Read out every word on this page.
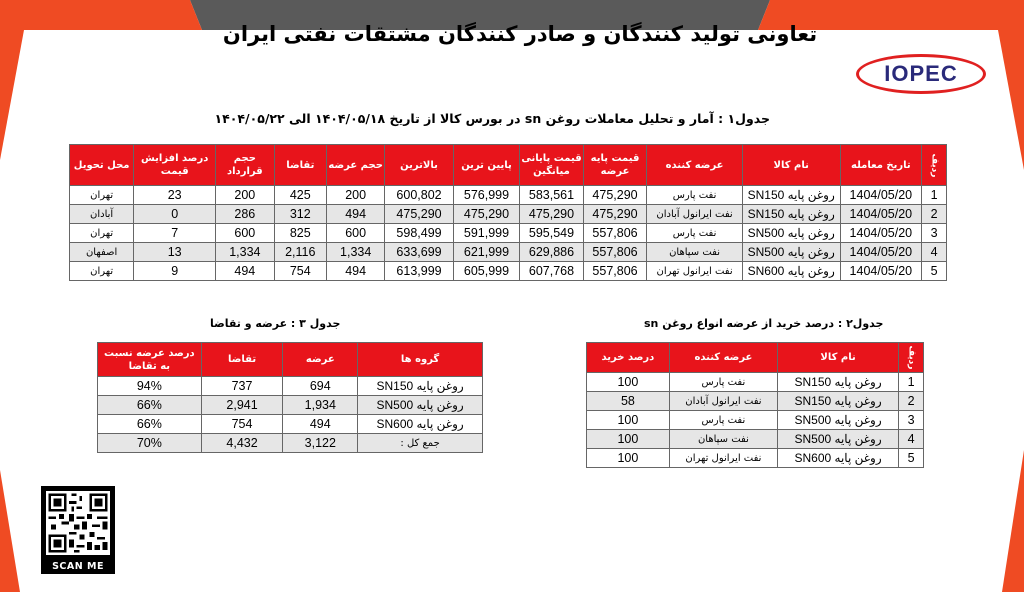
تعاونی تولید کنندگان و صادر کنندگان مشتقات نفتی ایران
IOPEC
جدول۱ : آمار و تحلیل معاملات روغن sn در بورس کالا از تاریخ ۱۴۰۴/۰۵/۱۸ الی ۱۴۰۴/۰۵/۲۲
ردیف	تاریخ معامله	نام کالا	عرضه کننده	قیمت پایه عرضه	قیمت پایانی میانگین	پایین ترین	بالاترین	حجم عرضه	تقاضا	حجم قرارداد	درصد افزایش قیمت	محل تحویل
1	1404/05/20	روغن پایه SN150	نفت پارس	475,290	583,561	576,999	600,802	200	425	200	23	تهران
2	1404/05/20	روغن پایه SN150	نفت ایرانول آبادان	475,290	475,290	475,290	475,290	494	312	286	0	آبادان
3	1404/05/20	روغن پایه SN500	نفت پارس	557,806	595,549	591,999	598,499	600	825	600	7	تهران
4	1404/05/20	روغن پایه SN500	نفت سپاهان	557,806	629,886	621,999	633,699	1,334	2,116	1,334	13	اصفهان
5	1404/05/20	روغن پایه SN600	نفت ایرانول تهران	557,806	607,768	605,999	613,999	494	754	494	9	تهران
جدول ۳ : عرضه و تقاضا
گروه ها	عرضه	تقاضا	درصد عرضه نسبت به تقاضا
روغن پایه SN150	694	737	94%
روغن پایه SN500	1,934	2,941	66%
روغن پایه SN600	494	754	66%
جمع کل :	3,122	4,432	70%
جدول۲ : درصد خرید از عرضه انواع روغن sn
ردیف	نام کالا	عرضه کننده	درصد خرید
1	روغن پایه SN150	نفت پارس	100
2	روغن پایه SN150	نفت ایرانول آبادان	58
3	روغن پایه SN500	نفت پارس	100
4	روغن پایه SN500	نفت سپاهان	100
5	روغن پایه SN600	نفت ایرانول تهران	100
SCAN ME
